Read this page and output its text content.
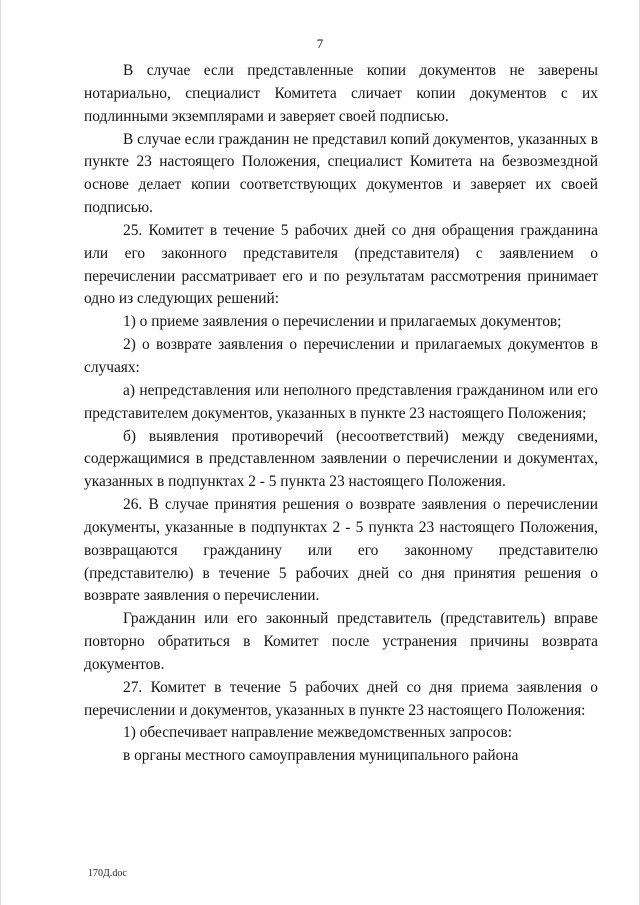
7

В случае если представленные копии документов не заверены нотариально, специалист Комитета сличает копии документов с их подлинными экземплярами и заверяет своей подписью.

В случае если гражданин не представил копий документов, указанных в пункте 23 настоящего Положения, специалист Комитета на безвозмездной основе делает копии соответствующих документов и заверяет их своей подписью.

25. Комитет в течение 5 рабочих дней со дня обращения гражданина или его законного представителя (представителя) с заявлением о перечислении рассматривает его и по результатам рассмотрения принимает одно из следующих решений:

1) о приеме заявления о перечислении и прилагаемых документов;

2) о возврате заявления о перечислении и прилагаемых документов в случаях:

а) непредставления или неполного представления гражданином или его представителем документов, указанных в пункте 23 настоящего Положения;

б) выявления противоречий (несоответствий) между сведениями, содержащимися в представленном заявлении о перечислении и документах, указанных в подпунктах 2 - 5 пункта 23 настоящего Положения.

26. В случае принятия решения о возврате заявления о перечислении документы, указанные в подпунктах 2 - 5 пункта 23 настоящего Положения, возвращаются гражданину или его законному представителю (представителю) в течение 5 рабочих дней со дня принятия решения о возврате заявления о перечислении.

Гражданин или его законный представитель (представитель) вправе повторно обратиться в Комитет после устранения причины возврата документов.

27. Комитет в течение 5 рабочих дней со дня приема заявления о перечислении и документов, указанных в пункте 23 настоящего Положения:

1) обеспечивает направление межведомственных запросов:

в органы местного самоуправления муниципального района

170Д.doc
